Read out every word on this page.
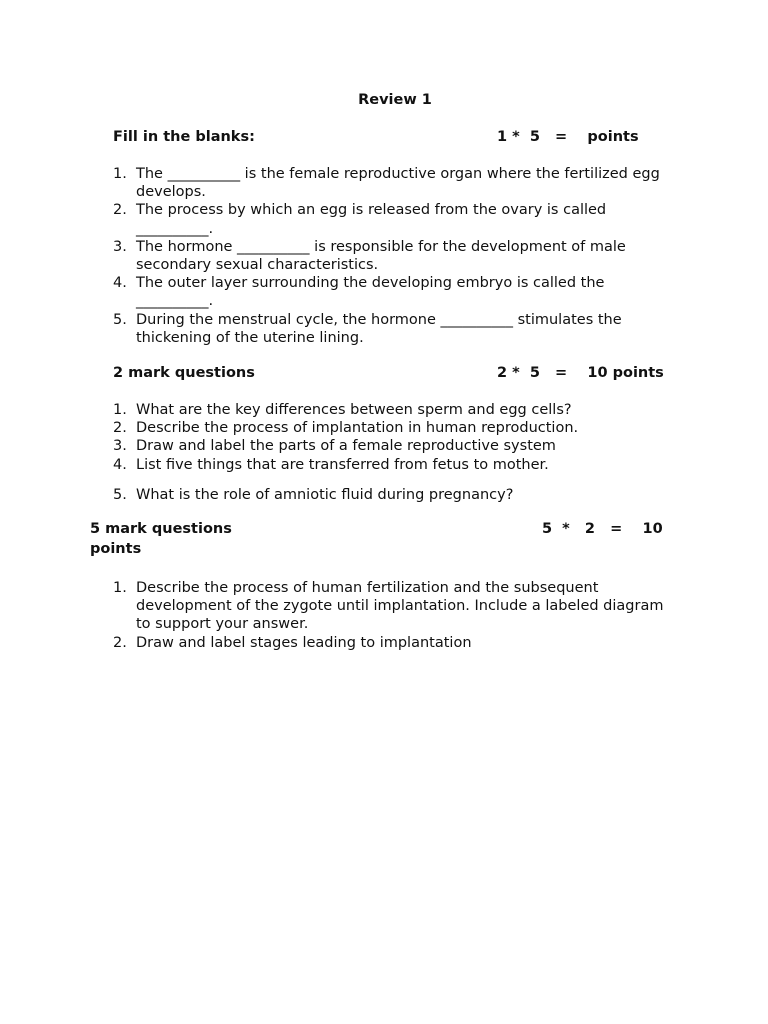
Review 1

Fill in the blanks:	1 *  5   =    points

1. The __________ is the female reproductive organ where the fertilized egg develops.
2. The process by which an egg is released from the ovary is called __________.
3. The hormone __________ is responsible for the development of male secondary sexual characteristics.
4. The outer layer surrounding the developing embryo is called the __________.
5. During the menstrual cycle, the hormone __________ stimulates the thickening of the uterine lining.

2 mark questions	2 *  5   =    10 points

1. What are the key differences between sperm and egg cells?
2. Describe the process of implantation in human reproduction.
3. Draw and label the parts of a female reproductive system
4. List five things that are transferred from fetus to mother.
5. What is the role of amniotic fluid during pregnancy?

5 mark questions	5  *   2   =    10

points

1. Describe the process of human fertilization and the subsequent development of the zygote until implantation. Include a labeled diagram to support your answer.
2. Draw and label stages leading to implantation
